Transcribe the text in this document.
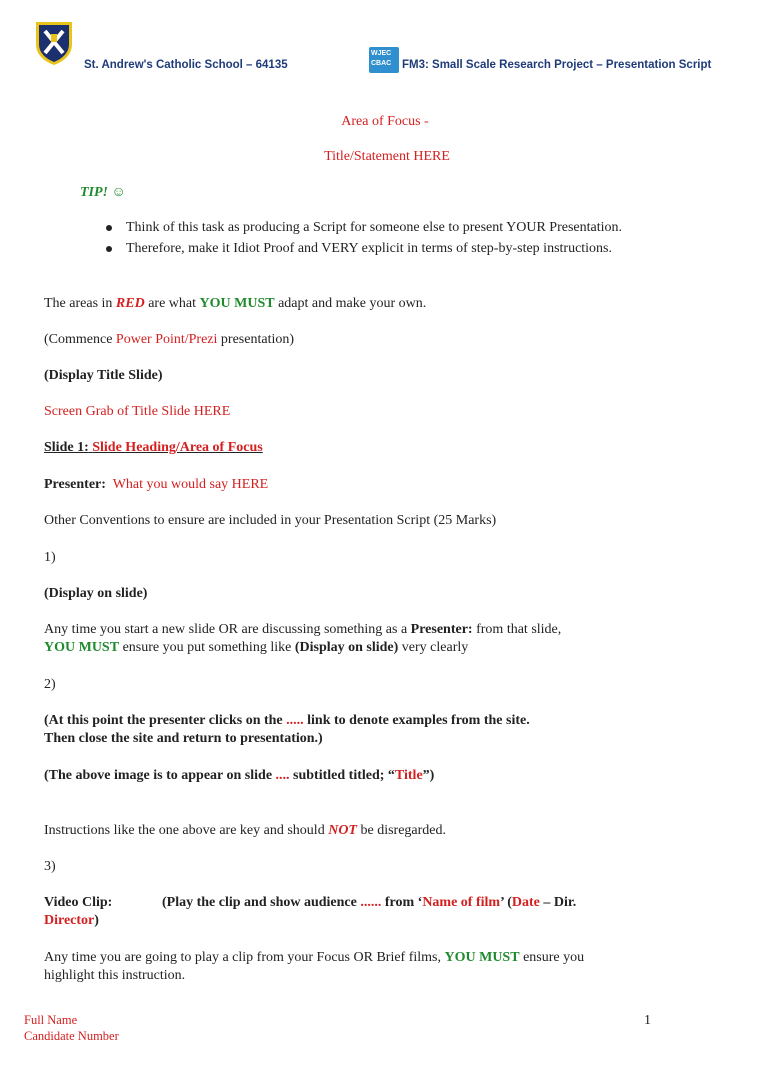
St. Andrew's Catholic School – 64135
WJEC
CBAC FM3: Small Scale Research Project – Presentation Script
Area of Focus -
Title/Statement HERE
TIP! ☺
Think of this task as producing a Script for someone else to present YOUR Presentation.
Therefore, make it Idiot Proof and VERY explicit in terms of step-by-step instructions.
The areas in RED are what YOU MUST adapt and make your own.
(Commence Power Point/Prezi presentation)
(Display Title Slide)
Screen Grab of Title Slide HERE
Slide 1: Slide Heading/Area of Focus
Presenter: What you would say HERE
Other Conventions to ensure are included in your Presentation Script (25 Marks)
1)
(Display on slide)
Any time you start a new slide OR are discussing something as a Presenter: from that slide,
YOU MUST ensure you put something like (Display on slide) very clearly
2)
(At this point the presenter clicks on the ..... link to denote examples from the site.
Then close the site and return to presentation.)
(The above image is to appear on slide .... subtitled titled; “Title”)
Instructions like the one above are key and should NOT be disregarded.
3)
Video Clip:	(Play the clip and show audience ...... from ‘Name of film’ (Date – Dir.
Director)
Any time you are going to play a clip from your Focus OR Brief films, YOU MUST ensure you
highlight this instruction.
Full Name
Candidate Number
1
